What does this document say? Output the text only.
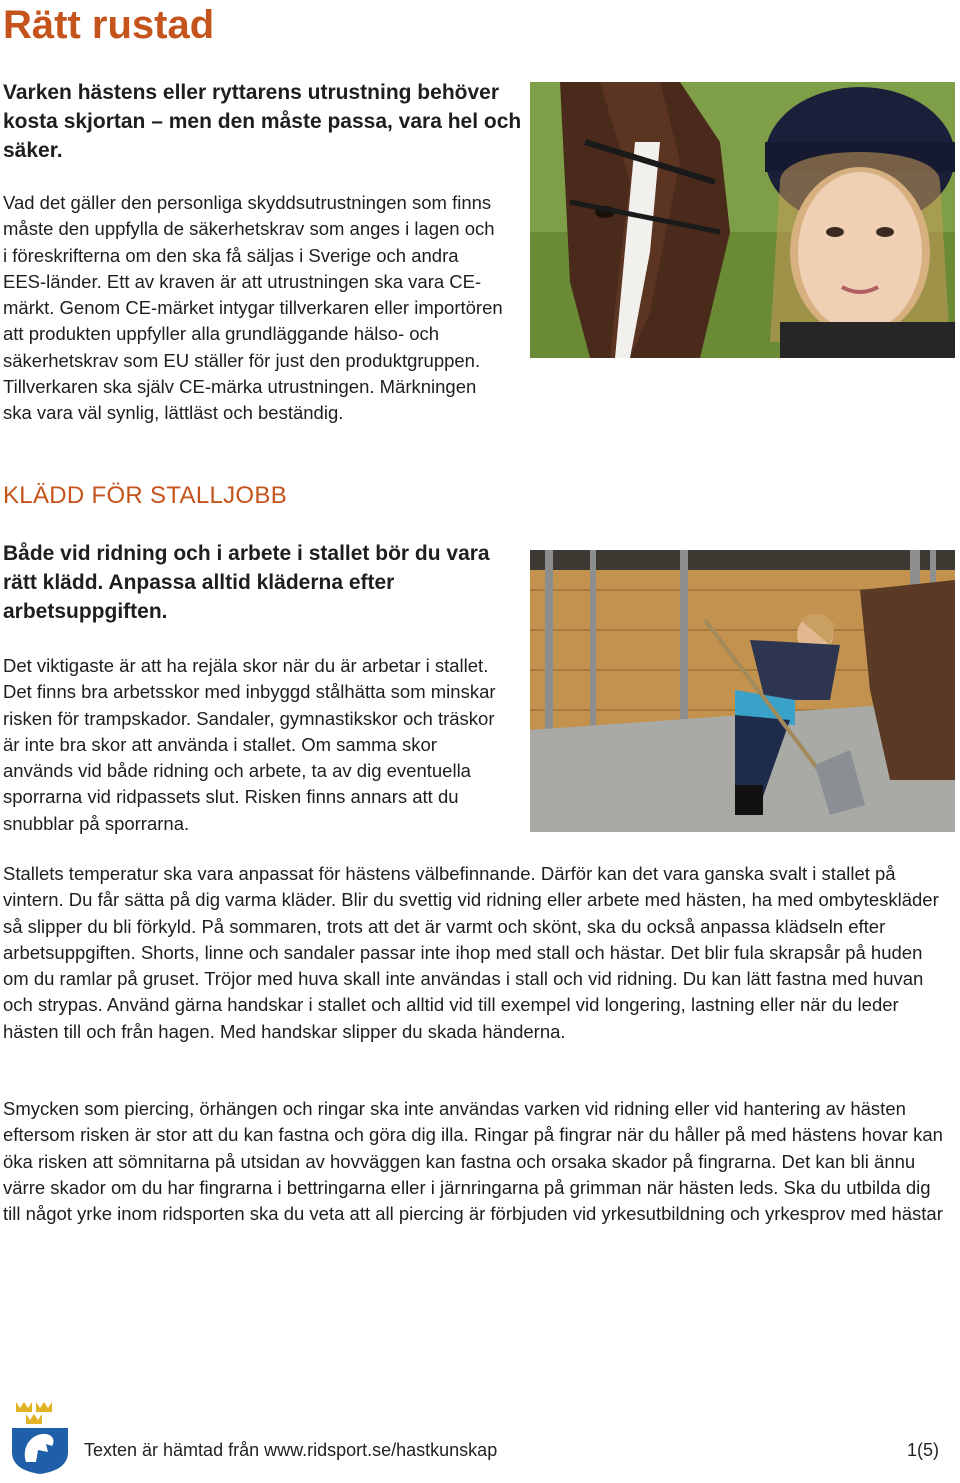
Rätt rustad

Varken hästens eller ryttarens utrustning behöver kosta skjortan – men den måste passa, vara hel och säker.

Vad det gäller den personliga skyddsutrustningen som finns måste den uppfylla de säkerhetskrav som anges i lagen och i föreskrifterna om den ska få säljas i Sverige och andra EES-länder. Ett av kraven är att utrustningen ska vara CE-märkt. Genom CE-märket intygar tillverkaren eller importören att produkten uppfyller alla grundläggande hälso- och säkerhetskrav som EU ställer för just den produktgruppen. Tillverkaren ska själv CE-märka utrustningen. Märkningen ska vara väl synlig, lättläst och beständig.
KLÄDD FÖR STALLJOBB

Både vid ridning och i arbete i stallet bör du vara rätt klädd. Anpassa alltid kläderna efter arbetsuppgiften.

Det viktigaste är att ha rejäla skor när du är arbetar i stallet. Det finns bra arbetsskor med inbyggd stålhätta som minskar risken för trampskador. Sandaler, gymnastikskor och träskor är inte bra skor att använda i stallet. Om samma skor används vid både ridning och arbete, ta av dig eventuella sporrarna vid ridpassets slut. Risken finns annars att du snubblar på sporrarna.

Stallets temperatur ska vara anpassat för hästens välbefinnande. Därför kan det vara ganska svalt i stallet på vintern. Du får sätta på dig varma kläder. Blir du svettig vid ridning eller arbete med hästen, ha med ombyteskläder så slipper du bli förkyld. På sommaren, trots att det är varmt och skönt, ska du också anpassa klädseln efter arbetsuppgiften. Shorts, linne och sandaler passar inte ihop med stall och hästar. Det blir fula skrapsår på huden om du ramlar på gruset. Tröjor med huva skall inte användas i stall och vid ridning. Du kan lätt fastna med huvan och strypas. Använd gärna handskar i stallet och alltid vid till exempel vid longering, lastning eller när du leder hästen till och från hagen. Med handskar slipper du skada händerna.

Smycken som piercing, örhängen och ringar ska inte användas varken vid ridning eller vid hantering av hästen eftersom risken är stor att du kan fastna och göra dig illa. Ringar på fingrar när du håller på med hästens hovar kan öka risken att sömnitarna på utsidan av hovväggen kan fastna och orsaka skador på fingrarna. Det kan bli ännu värre skador om du har fingrarna i bettringarna eller i järnringarna på grimman när hästen leds. Ska du utbilda dig till något yrke inom ridsporten ska du veta att all piercing är förbjuden vid yrkesutbildning och yrkesprov med hästar

Texten är hämtad från www.ridsport.se/hastkunskap	1(5)
